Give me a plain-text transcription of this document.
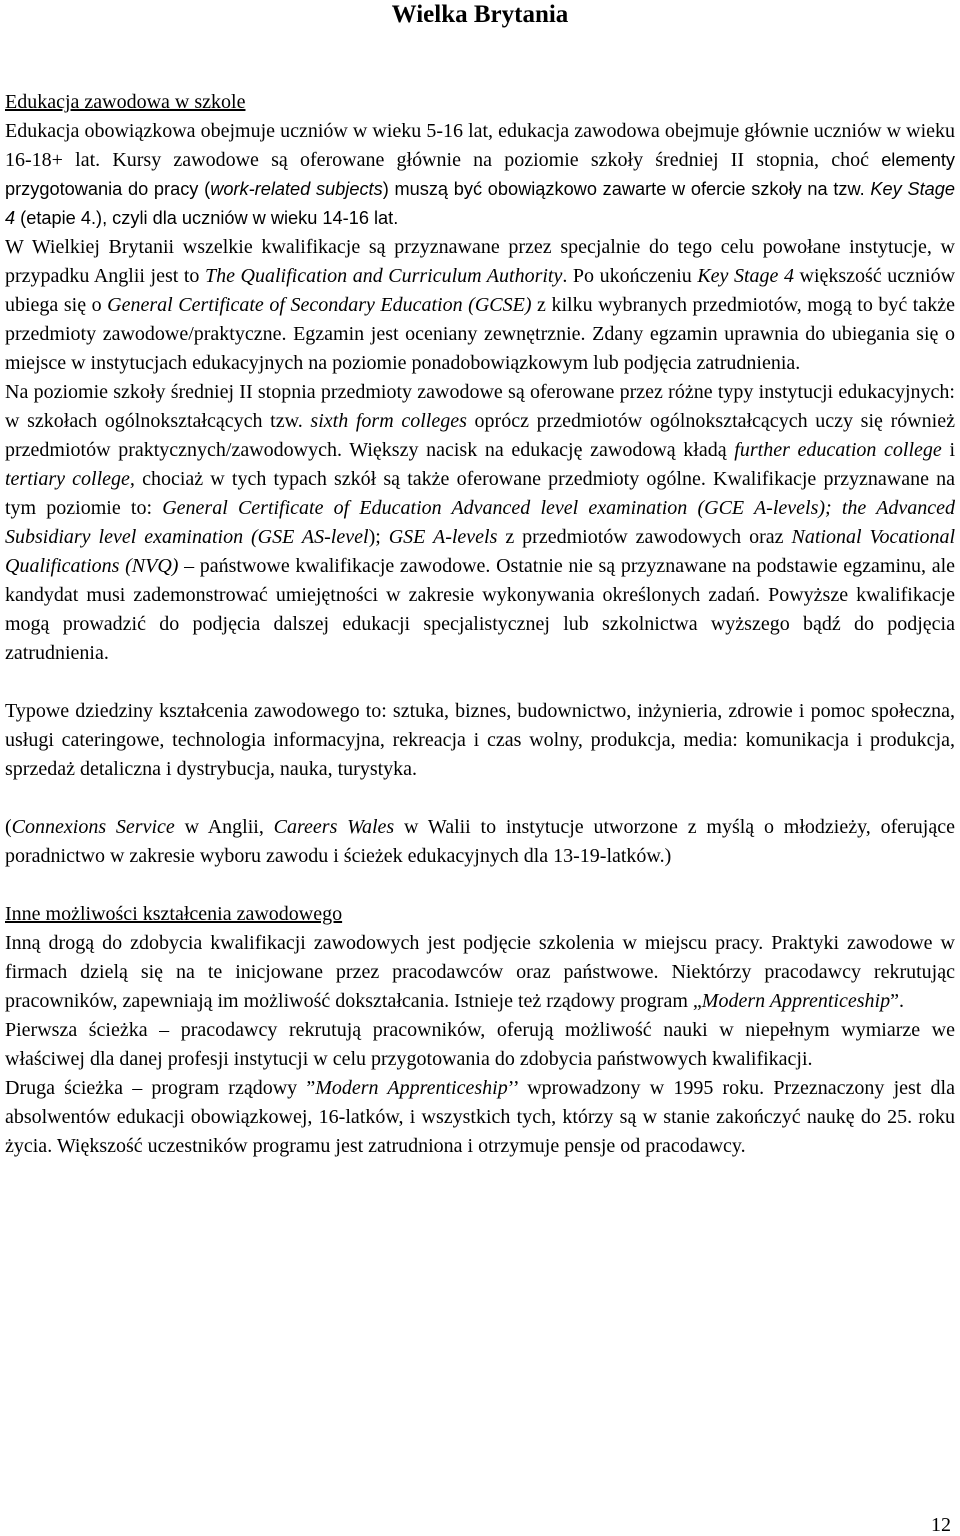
Wielka Brytania
Edukacja zawodowa w szkole

Edukacja obowiązkowa obejmuje uczniów w wieku 5-16 lat, edukacja zawodowa obejmuje głównie uczniów w wieku 16-18+ lat. Kursy zawodowe są oferowane głównie na poziomie szkoły średniej II stopnia, choć elementy przygotowania do pracy (work-related subjects) muszą być obowiązkowo zawarte w ofercie szkoły na tzw. Key Stage 4 (etapie 4.), czyli dla uczniów w wieku 14-16 lat.

W Wielkiej Brytanii wszelkie kwalifikacje są przyznawane przez specjalnie do tego celu powołane instytucje, w przypadku Anglii jest to The Qualification and Curriculum Authority. Po ukończeniu Key Stage 4 większość uczniów ubiega się o General Certificate of Secondary Education (GCSE) z kilku wybranych przedmiotów, mogą to być także przedmioty zawodowe/praktyczne. Egzamin jest oceniany zewnętrznie. Zdany egzamin uprawnia do ubiegania się o miejsce w instytucjach edukacyjnych na poziomie ponadobowiązkowym lub podjęcia zatrudnienia.

Na poziomie szkoły średniej II stopnia przedmioty zawodowe są oferowane przez różne typy instytucji edukacyjnych: w szkołach ogólnokształcących tzw. sixth form colleges oprócz przedmiotów ogólnokształcących uczy się również przedmiotów praktycznych/zawodowych. Większy nacisk na edukację zawodową kładą further education college i tertiary college, chociaż w tych typach szkół są także oferowane przedmioty ogólne. Kwalifikacje przyznawane na tym poziomie to: General Certificate of Education Advanced level examination (GCE A-levels); the Advanced Subsidiary level examination (GSE AS-level); GSE A-levels z przedmiotów zawodowych oraz National Vocational Qualifications (NVQ) – państwowe kwalifikacje zawodowe. Ostatnie nie są przyznawane na podstawie egzaminu, ale kandydat musi zademonstrować umiejętności w zakresie wykonywania określonych zadań. Powyższe kwalifikacje mogą prowadzić do podjęcia dalszej edukacji specjalistycznej lub szkolnictwa wyższego bądź do podjęcia zatrudnienia.

Typowe dziedziny kształcenia zawodowego to: sztuka, biznes, budownictwo, inżynieria, zdrowie i pomoc społeczna, usługi cateringowe, technologia informacyjna, rekreacja i czas wolny, produkcja, media: komunikacja i produkcja, sprzedaż detaliczna i dystrybucja, nauka, turystyka.

(Connexions Service w Anglii, Careers Wales w Walii to instytucje utworzone z myślą o młodzieży, oferujące poradnictwo w zakresie wyboru zawodu i ścieżek edukacyjnych dla 13-19-latków.)

Inne możliwości kształcenia zawodowego

Inną drogą do zdobycia kwalifikacji zawodowych jest podjęcie szkolenia w miejscu pracy. Praktyki zawodowe w firmach dzielą się na te inicjowane przez pracodawców oraz państwowe. Niektórzy pracodawcy rekrutując pracowników, zapewniają im możliwość dokształcania. Istnieje też rządowy program „Modern Apprenticeship”.

Pierwsza ścieżka – pracodawcy rekrutują pracowników, oferują możliwość nauki w niepełnym wymiarze we właściwej dla danej profesji instytucji w celu przygotowania do zdobycia państwowych kwalifikacji.

Druga ścieżka – program rządowy ”Modern Apprenticeship’’ wprowadzony w 1995 roku. Przeznaczony jest dla absolwentów edukacji obowiązkowej, 16-latków, i wszystkich tych, którzy są w stanie zakończyć naukę do 25. roku życia. Większość uczestników programu jest zatrudniona i otrzymuje pensje od pracodawcy.

12
